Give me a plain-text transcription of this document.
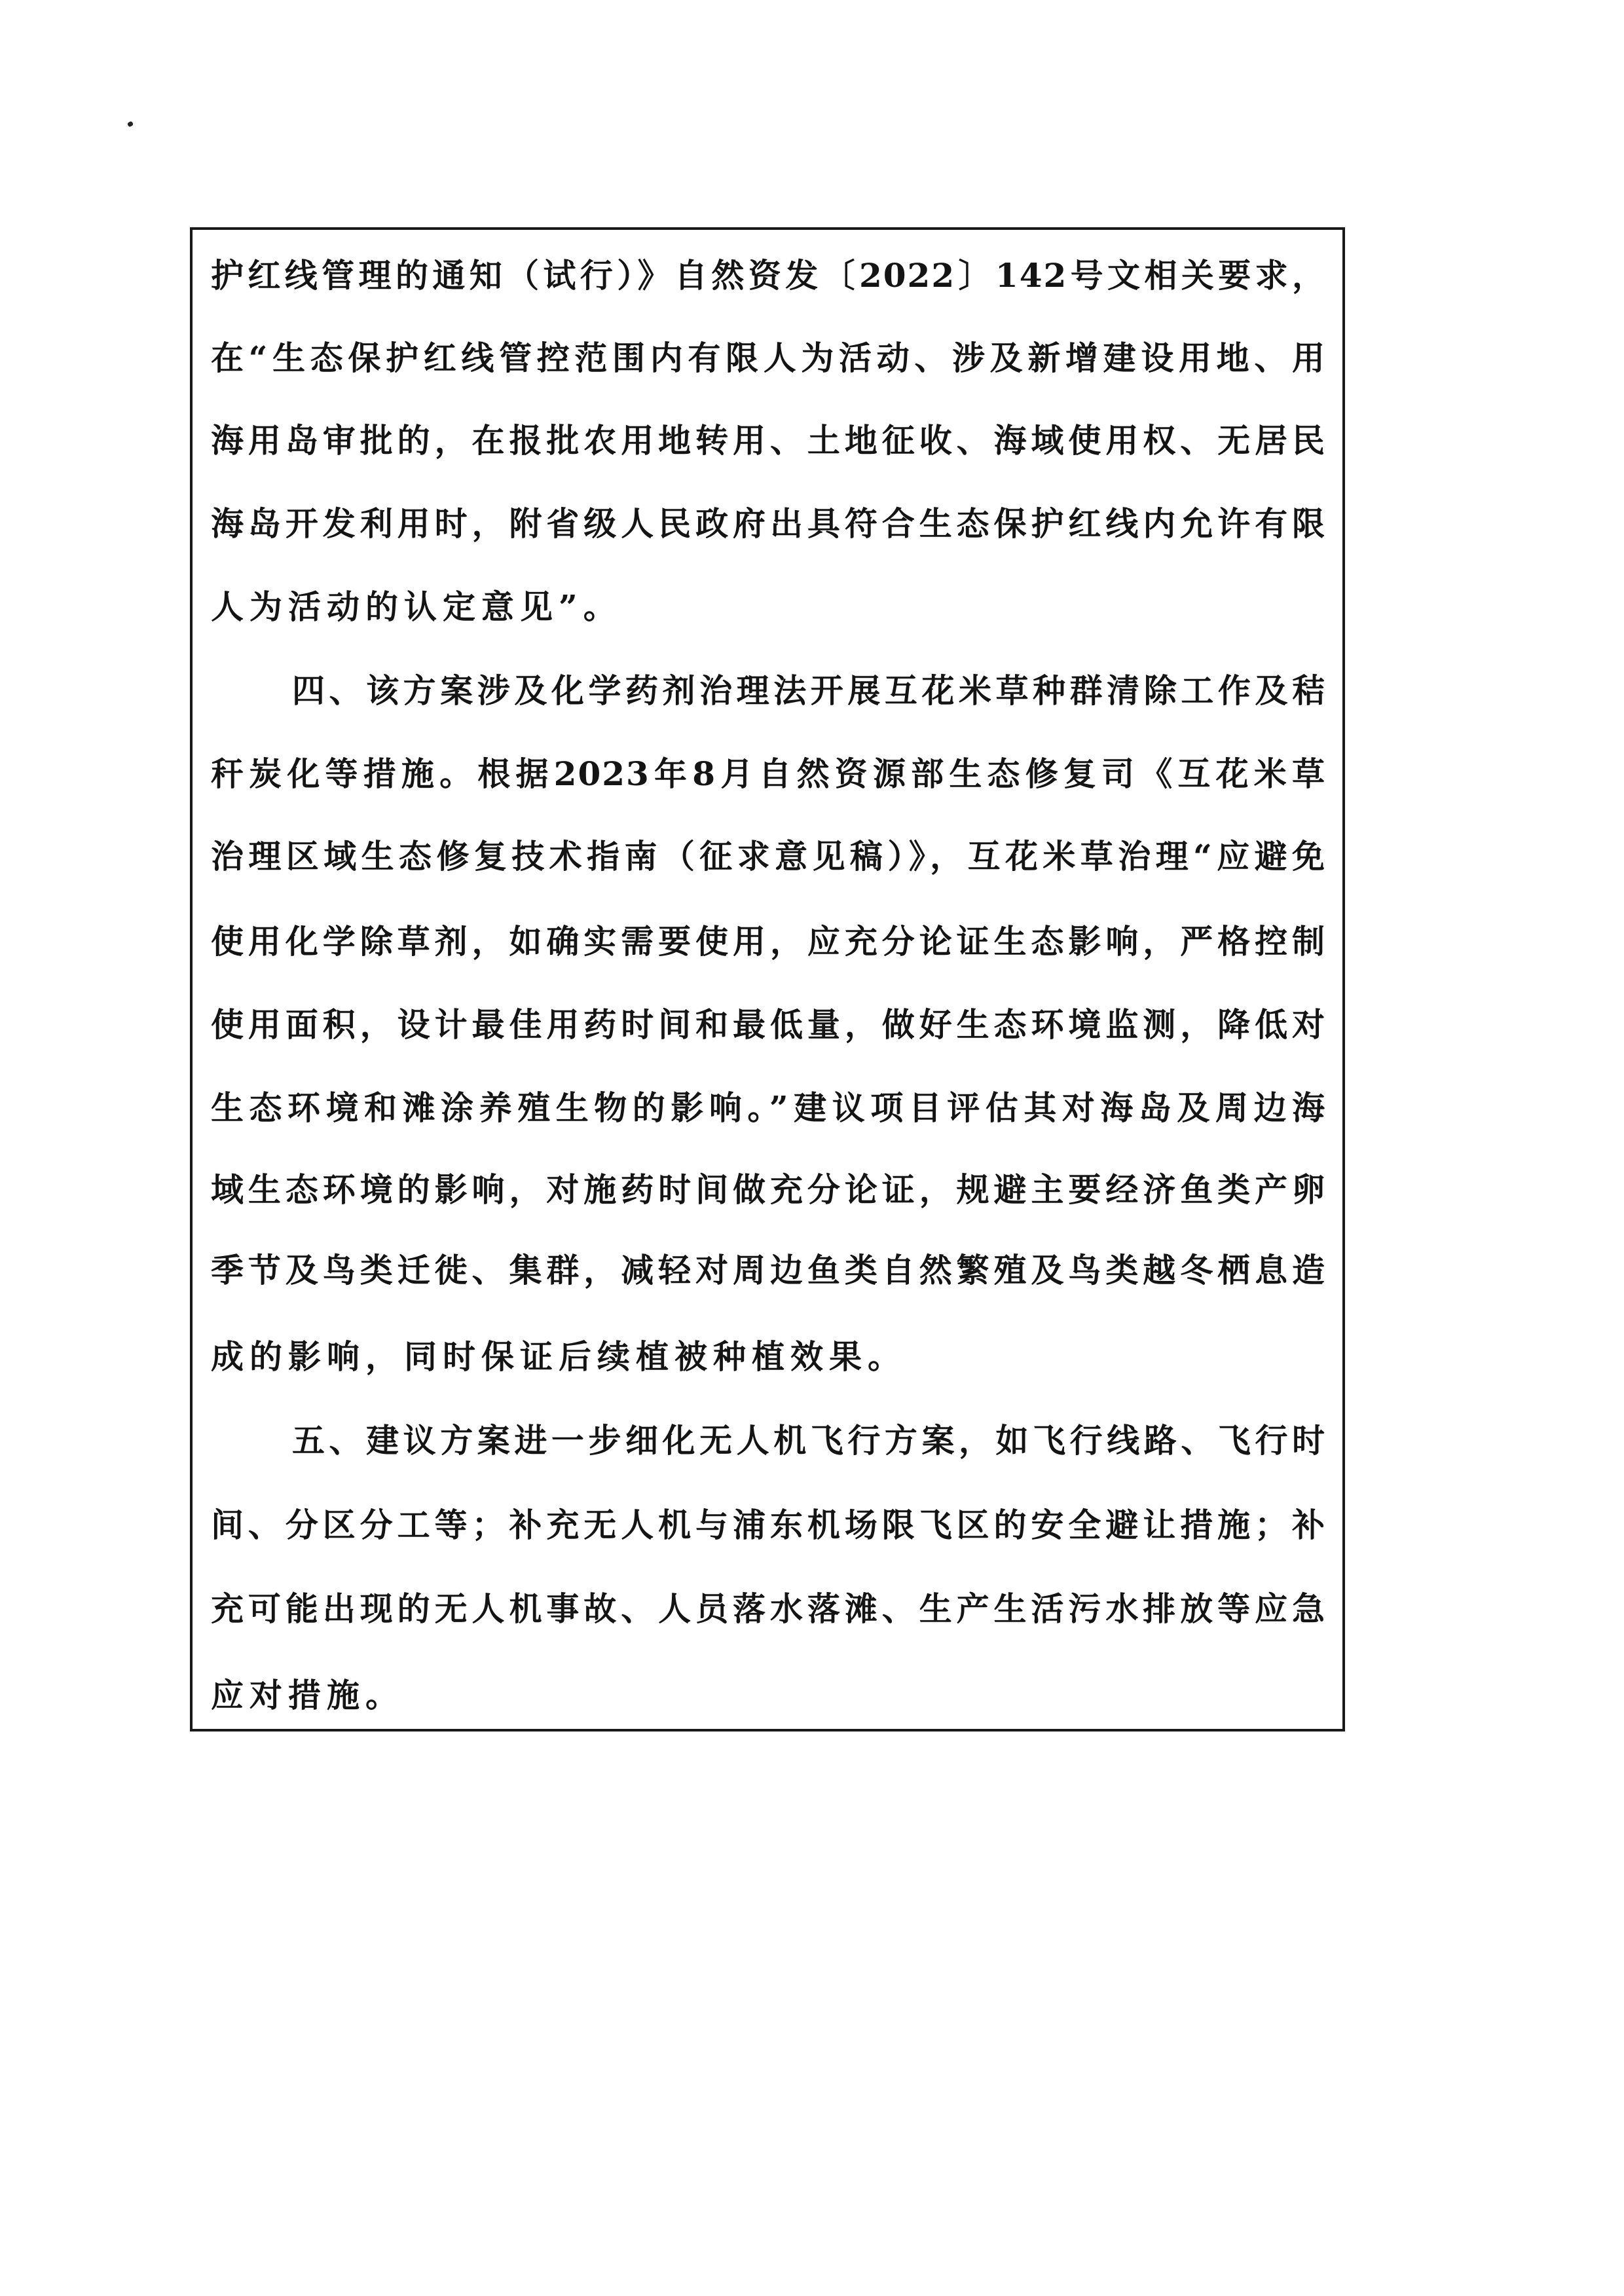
护红线管理的通知（试行）》自然资发〔2022〕142号文相关要求，
在“生态保护红线管控范围内有限人为活动、涉及新增建设用地、用
海用岛审批的，在报批农用地转用、土地征收、海域使用权、无居民
海岛开发利用时，附省级人民政府出具符合生态保护红线内允许有限
人为活动的认定意见”。
四、该方案涉及化学药剂治理法开展互花米草种群清除工作及秸
秆炭化等措施。根据2023年8月自然资源部生态修复司《互花米草
治理区域生态修复技术指南（征求意见稿）》，互花米草治理“应避免
使用化学除草剂，如确实需要使用，应充分论证生态影响，严格控制
使用面积，设计最佳用药时间和最低量，做好生态环境监测，降低对
生态环境和滩涂养殖生物的影响。”建议项目评估其对海岛及周边海
域生态环境的影响，对施药时间做充分论证，规避主要经济鱼类产卵
季节及鸟类迁徙、集群，减轻对周边鱼类自然繁殖及鸟类越冬栖息造
成的影响，同时保证后续植被种植效果。
五、建议方案进一步细化无人机飞行方案，如飞行线路、飞行时
间、分区分工等；补充无人机与浦东机场限飞区的安全避让措施；补
充可能出现的无人机事故、人员落水落滩、生产生活污水排放等应急
应对措施。
